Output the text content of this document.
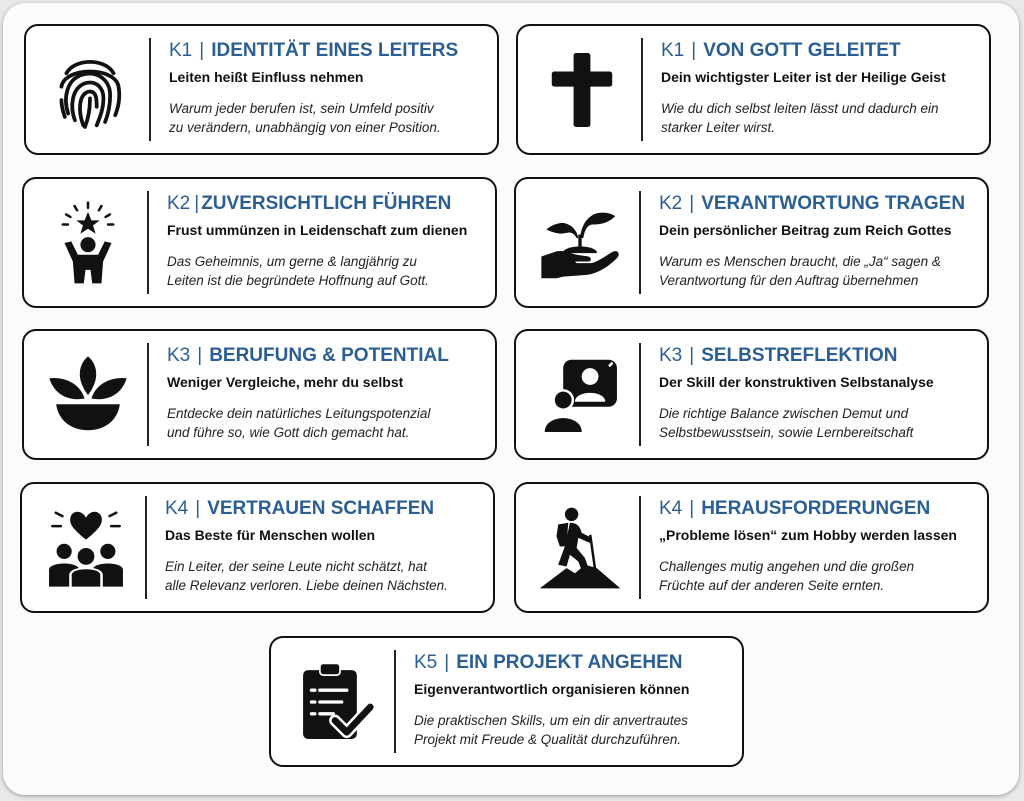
K1 | IDENTITÄT EINES LEITERS
Leiten heißt Einfluss nehmen
Warum jeder berufen ist, sein Umfeld positiv
zu verändern, unabhängig von einer Position.
K1 | VON GOTT GELEITET
Dein wichtigster Leiter ist der Heilige Geist
Wie du dich selbst leiten lässt und dadurch ein
starker Leiter wirst.
K2 | ZUVERSICHTLICH FÜHREN
Frust ummünzen in Leidenschaft zum dienen
Das Geheimnis, um gerne & langjährig zu
Leiten ist die begründete Hoffnung auf Gott.
K2 | VERANTWORTUNG TRAGEN
Dein persönlicher Beitrag zum Reich Gottes
Warum es Menschen braucht, die „Ja“ sagen &
Verantwortung für den Auftrag übernehmen
K3 | BERUFUNG & POTENTIAL
Weniger Vergleiche, mehr du selbst
Entdecke dein natürliches Leitungspotenzial
und führe so, wie Gott dich gemacht hat.
K3 | SELBSTREFLEKTION
Der Skill der konstruktiven Selbstanalyse
Die richtige Balance zwischen Demut und
Selbstbewusstsein, sowie Lernbereitschaft
K4 | VERTRAUEN SCHAFFEN
Das Beste für Menschen wollen
Ein Leiter, der seine Leute nicht schätzt, hat
alle Relevanz verloren. Liebe deinen Nächsten.
K4 | HERAUSFORDERUNGEN
„Probleme lösen“ zum Hobby werden lassen
Challenges mutig angehen und die großen
Früchte auf der anderen Seite ernten.
K5 | EIN PROJEKT ANGEHEN
Eigenverantwortlich organisieren können
Die praktischen Skills, um ein dir anvertrautes
Projekt mit Freude & Qualität durchzuführen.
